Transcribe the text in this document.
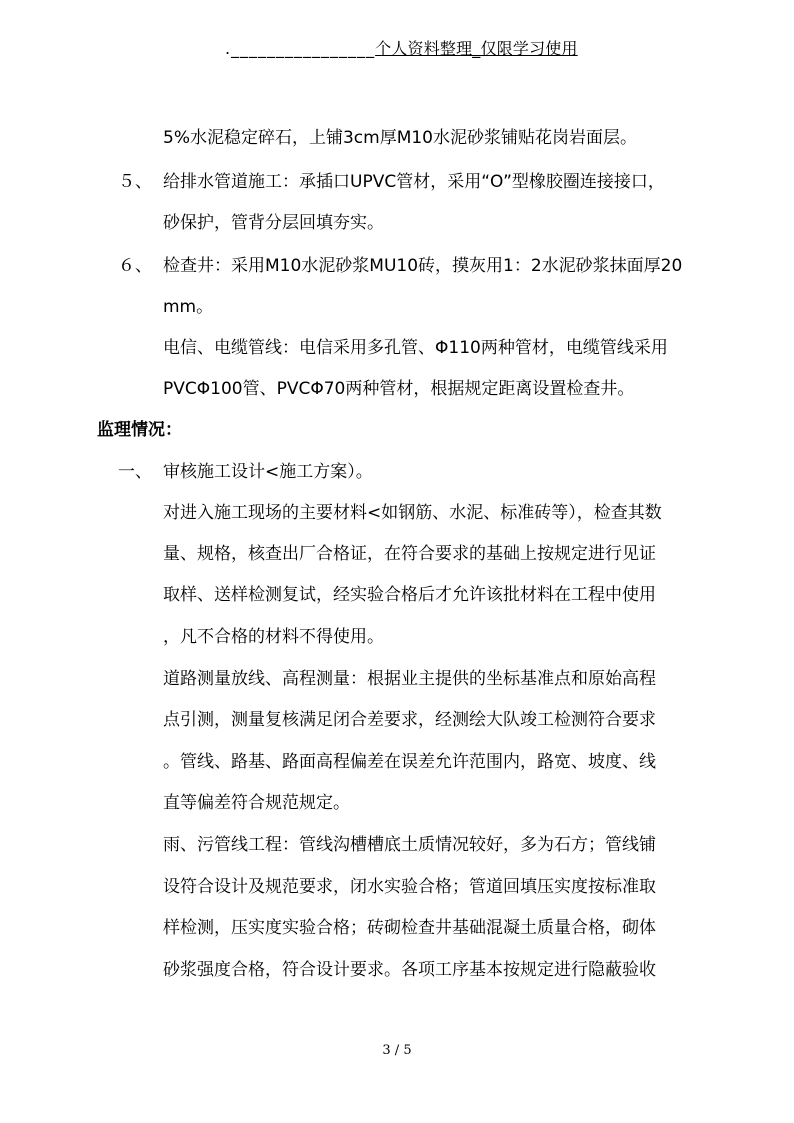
.________________个人资料整理_仅限学习使用
5%水泥稳定碎石，上铺3cm厚M10水泥砂浆铺贴花岗岩面层。
５、 给排水管道施工：承插口UPVC管材，采用“O”型橡胶圈连接接口，
砂保护，管背分层回填夯实。
６、 检查井：采用M10水泥砂浆MU10砖，摸灰用1：2水泥砂浆抹面厚20
mm。
电信、电缆管线：电信采用多孔管、Φ110两种管材，电缆管线采用
PVCΦ100管、PVCΦ70两种管材，根据规定距离设置检查井。
监理情况：
一、 审核施工设计<施工方案）。
对进入施工现场的主要材料<如钢筋、水泥、标准砖等），检查其数
量、规格，核查出厂合格证，在符合要求的基础上按规定进行见证
取样、送样检测复试，经实验合格后才允许该批材料在工程中使用
，凡不合格的材料不得使用。
道路测量放线、高程测量：根据业主提供的坐标基准点和原始高程
点引测，测量复核满足闭合差要求，经测绘大队竣工检测符合要求
。管线、路基、路面高程偏差在误差允许范围内，路宽、坡度、线
直等偏差符合规范规定。
雨、污管线工程：管线沟槽槽底土质情况较好，多为石方；管线铺
设符合设计及规范要求，闭水实验合格；管道回填压实度按标准取
样检测，压实度实验合格；砖砌检查井基础混凝土质量合格，砌体
砂浆强度合格，符合设计要求。各项工序基本按规定进行隐蔽验收
3 / 5
